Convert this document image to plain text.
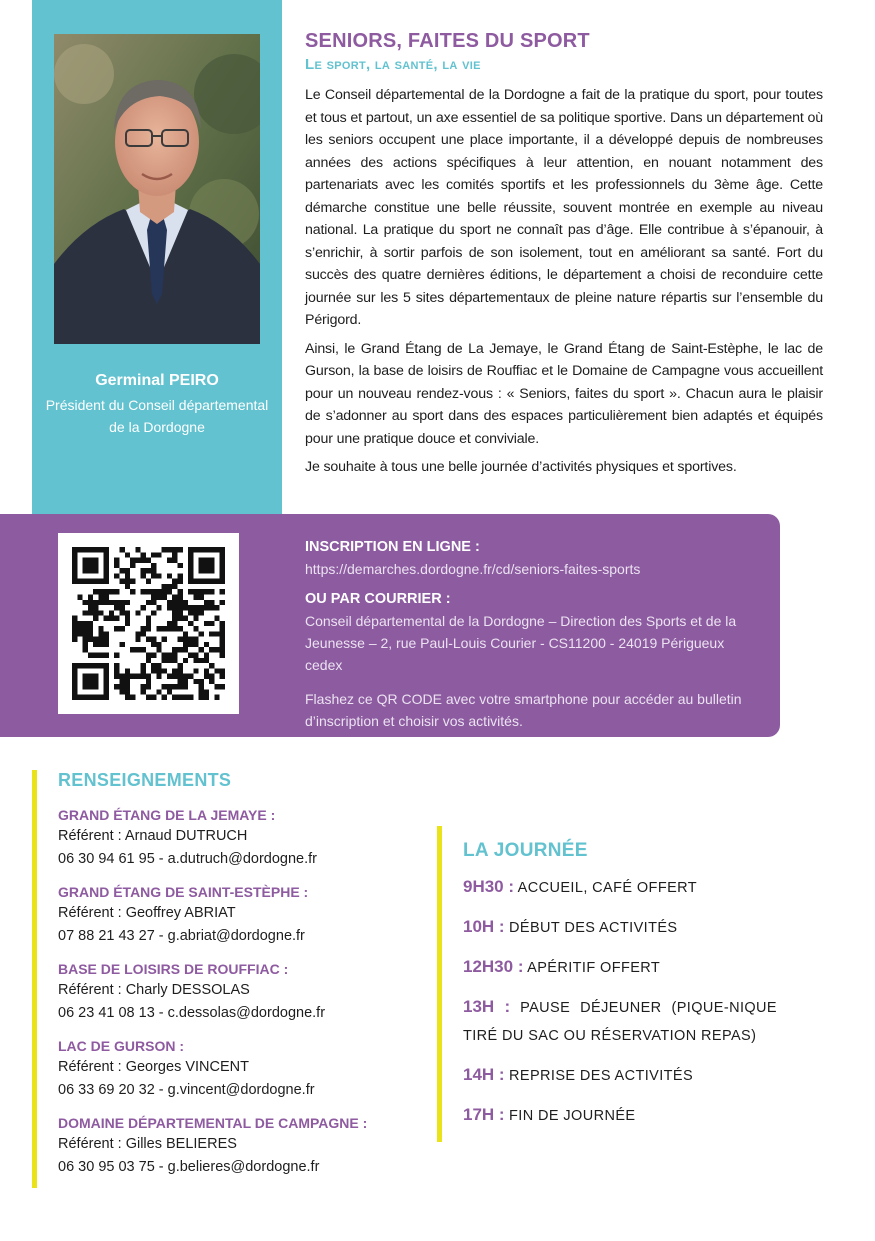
Germinal PEIRO
Président du Conseil départemental de la Dordogne
SENIORS, FAITES DU SPORT
Le sport, la santé, la vie

Le Conseil départemental de la Dordogne a fait de la pratique du sport, pour toutes et tous et partout, un axe essentiel de sa politique sportive. Dans un département où les seniors occupent une place importante, il a développé depuis de nombreuses années des actions spécifiques à leur attention, en nouant notamment des partenariats avec les comités sportifs et les professionnels du 3ème âge. Cette démarche constitue une belle réussite, souvent montrée en exemple au niveau national. La pratique du sport ne connaît pas d’âge. Elle contribue à s’épanouir, à s’enrichir, à sortir parfois de son isolement, tout en améliorant sa santé. Fort du succès des quatre dernières éditions, le département a choisi de reconduire cette journée sur les 5 sites départementaux de pleine nature répartis sur l’ensemble du Périgord.

Ainsi, le Grand Étang de La Jemaye, le Grand Étang de Saint-Estèphe, le lac de Gurson, la base de loisirs de Rouffiac et le Domaine de Campagne vous accueillent pour un nouveau rendez-vous : « Seniors, faites du sport ». Chacun aura le plaisir de s’adonner au sport dans des espaces particulièrement bien adaptés et équipés pour une pratique douce et conviviale.

Je souhaite à tous une belle journée d’activités physiques et sportives.

INSCRIPTION EN LIGNE :
https://demarches.dordogne.fr/cd/seniors-faites-sports
OU PAR COURRIER :
Conseil départemental de la Dordogne – Direction des Sports et de la Jeunesse – 2, rue Paul-Louis Courier - CS11200 - 24019 Périgueux cedex
Flashez ce QR CODE avec votre smartphone pour accéder au bulletin d’inscription et choisir vos activités.
RENSEIGNEMENTS
GRAND ÉTANG DE LA JEMAYE :
Référent : Arnaud DUTRUCH
06 30 94 61 95 - a.dutruch@dordogne.fr
GRAND ÉTANG DE SAINT-ESTÈPHE :
Référent : Geoffrey ABRIAT
07 88 21 43 27 - g.abriat@dordogne.fr
BASE DE LOISIRS DE ROUFFIAC :
Référent : Charly DESSOLAS
06 23 41 08 13 - c.dessolas@dordogne.fr
LAC DE GURSON :
Référent : Georges VINCENT
06 33 69 20 32 - g.vincent@dordogne.fr
DOMAINE DÉPARTEMENTAL DE CAMPAGNE :
Référent : Gilles BELIERES
06 30 95 03 75 - g.belieres@dordogne.fr
LA JOURNÉE
9H30 : ACCUEIL, CAFÉ OFFERT
10H : DÉBUT DES ACTIVITÉS
12H30 : APÉRITIF OFFERT
13H : PAUSE DÉJEUNER (PIQUE-NIQUE TIRÉ DU SAC OU RÉSERVATION REPAS)
14H : REPRISE DES ACTIVITÉS
17H : FIN DE JOURNÉE
